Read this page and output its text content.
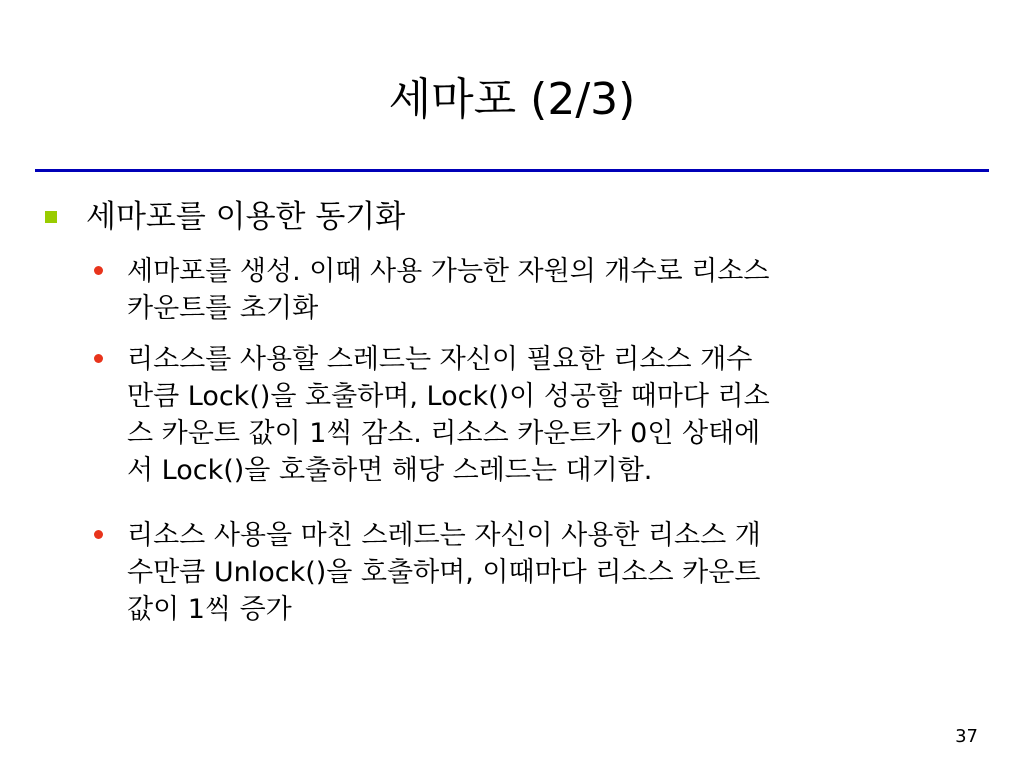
세마포 (2/3)
세마포를 이용한 동기화
세마포를 생성. 이때 사용 가능한 자원의 개수로 리소스
카운트를 초기화
리소스를 사용할 스레드는 자신이 필요한 리소스 개수
만큼 Lock()을 호출하며, Lock()이 성공할 때마다 리소
스 카운트 값이 1씩 감소. 리소스 카운트가 0인 상태에
서 Lock()을 호출하면 해당 스레드는 대기함.
리소스 사용을 마친 스레드는 자신이 사용한 리소스 개
수만큼 Unlock()을 호출하며, 이때마다 리소스 카운트
값이 1씩 증가
37
